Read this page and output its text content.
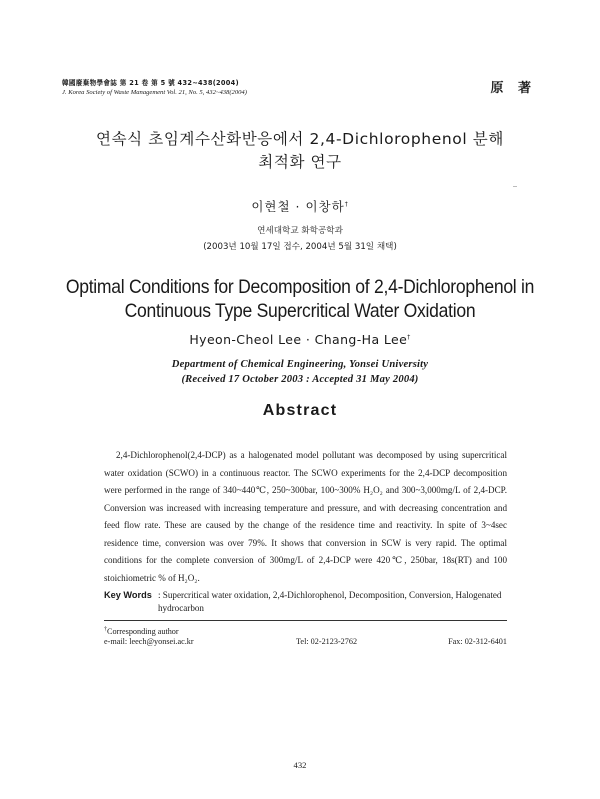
韓國廢棄物學會誌 第 21 卷 第 5 號 432~438(2004)
J. Korea Society of Waste Management Vol. 21, No. 5, 432~438(2004)	原 著
연속식 초임계수산화반응에서 2,4-Dichlorophenol 분해
최적화 연구
이현철 · 이창하†
연세대학교 화학공학과
(2003년 10월 17일 접수, 2004년 5월 31일 채택)
Optimal Conditions for Decomposition of 2,4-Dichlorophenol in
Continuous Type Supercritical Water Oxidation
Hyeon-Cheol Lee · Chang-Ha Lee†
Department of Chemical Engineering, Yonsei University
(Received 17 October 2003 : Accepted 31 May 2004)
Abstract

2,4-Dichlorophenol(2,4-DCP) as a halogenated model pollutant was decomposed by using supercritical water oxidation (SCWO) in a continuous reactor. The SCWO experiments for the 2,4-DCP decomposition were performed in the range of 340~440℃, 250~300bar, 100~300% H₂O₂ and 300~3,000mg/L of 2,4-DCP. Conversion was increased with increasing temperature and pressure, and with decreasing concentration and feed flow rate. These are caused by the change of the residence time and reactivity. In spite of 3~4sec residence time, conversion was over 79%. It shows that conversion in SCW is very rapid. The optimal conditions for the complete conversion of 300mg/L of 2,4-DCP were 420℃, 250bar, 18s(RT) and 100 stoichiometric % of H₂O₂.

Key Words : Supercritical water oxidation, 2,4-Dichlorophenol, Decomposition, Conversion, Halogenated hydrocarbon
†Corresponding author
e-mail: leech@yonsei.ac.kr	Tel: 02-2123-2762	Fax: 02-312-6401
432
